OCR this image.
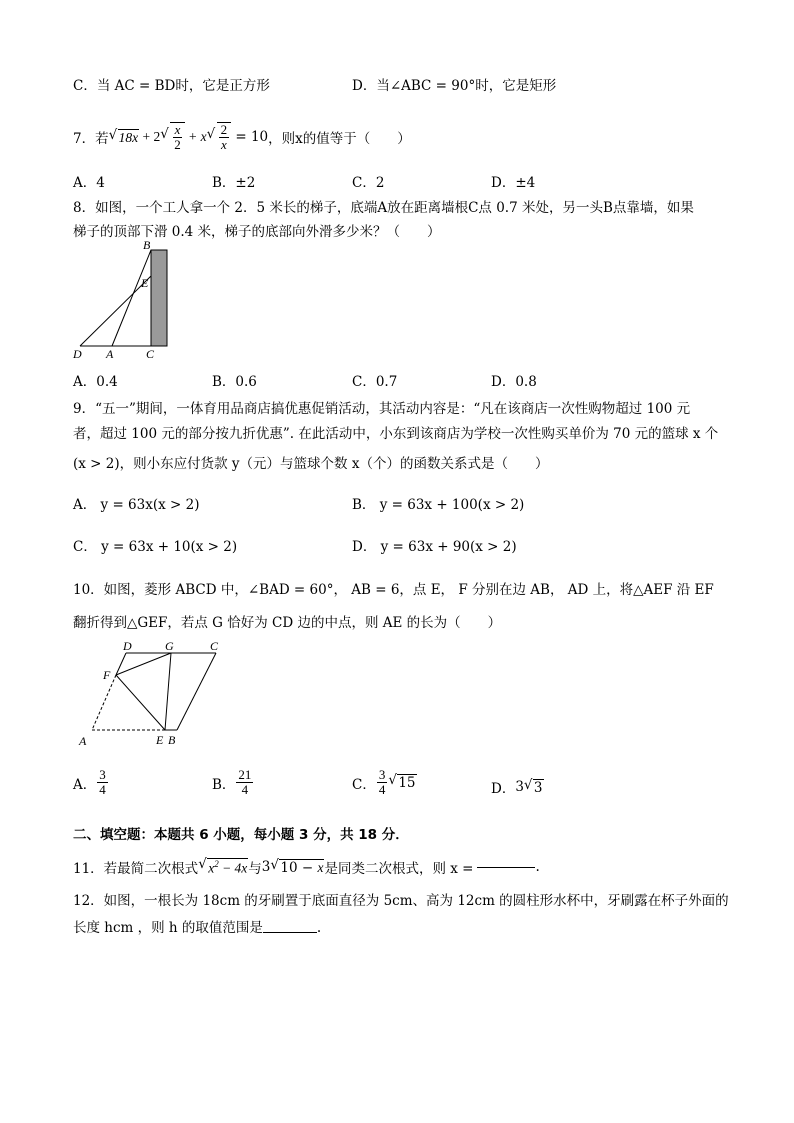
C．当 AC = BD时，它是正方形	D．当∠ABC = 90°时，它是矩形
7．若 √ 18x + 2 √ $\frac{x}{2} + x$ √ $\frac{2}{x} = 10$ ，则x的值等于（　　）
A．4	B．±2	C．2	D．±4
8．如图，一个工人拿一个 2．5 米长的梯子，底端A放在距离墙根C点 0.7 米处，另一头B点靠墙，如果
梯子的顶部下滑 0.4 米，梯子的底部向外滑多少米？（　　）
B
E
D A	C
A．0.4	B．0.6	C．0.7	D．0.8
9．“五一”期间，一体育用品商店搞优惠促销活动，其活动内容是：“凡在该商店一次性购物超过 100 元
者，超过 100 元的部分按九折优惠”. 在此活动中，小东到该商店为学校一次性购买单价为 70 元的篮球 x 个
(x > 2)，则小东应付货款 y（元）与篮球个数 x（个）的函数关系式是（　　）
A． y = 63x(x > 2)	B． y = 63x + 100(x > 2)
C． y = 63x + 10(x > 2)	D． y = 63x + 90(x > 2)
10．如图，菱形 ABCD 中，∠BAD = 60°， AB = 6，点 E， F 分别在边 AB， AD 上，将△AEF 沿 EF
翻折得到△GEF，若点 G 恰好为 CD 边的中点，则 AE 的长为（　　）
D	G	C
F
A	E B
A． $\frac{3}{4}$	B． $\frac{21}{4}$	C． $\frac{3}{4}$ √ 15	D． 3 √ 3
二、填空题：本题共 6 小题，每小题 3 分，共 18 分．
11．若最简二次根式 √ $x^2 - 4x$ 与 3 √ 10 − x 是同类二次根式，则 x =	.
12．如图，一根长为 18cm 的牙刷置于底面直径为 5cm、高为 12cm 的圆柱形水杯中，牙刷露在杯子外面的
长度 hcm ，则 h 的取值范围是	.
